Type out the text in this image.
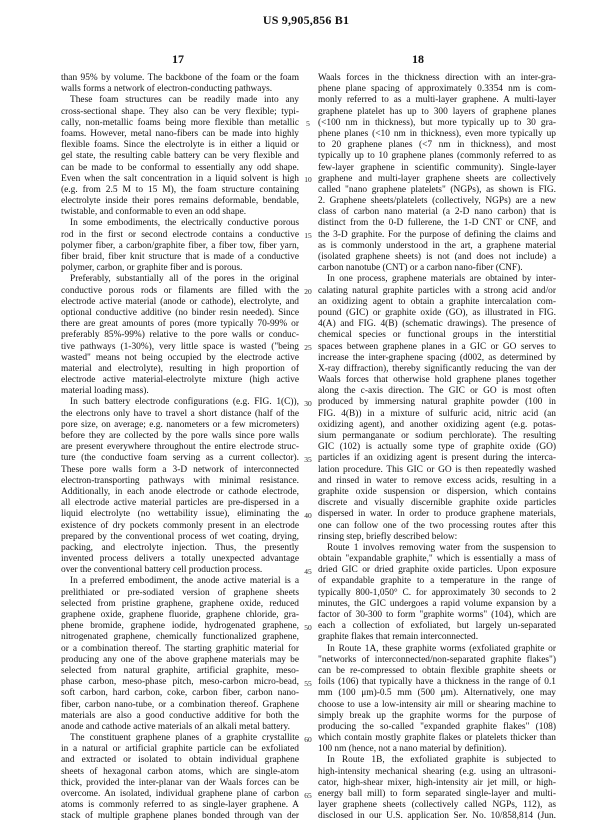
US 9,905,856 B1
17	18
than 95% by volume. The backbone of the foam or the foam
walls forms a network of electron-conducting pathways.
These foam structures can be readily made into any
cross-sectional shape. They also can be very flexible; typi-
cally, non-metallic foams being more flexible than metallic
foams. However, metal nano-fibers can be made into highly
flexible foams. Since the electrolyte is in either a liquid or
gel state, the resulting cable battery can be very flexible and
can be made to be conformal to essentially any odd shape.
Even when the salt concentration in a liquid solvent is high
(e.g. from 2.5 M to 15 M), the foam structure containing
electrolyte inside their pores remains deformable, bendable,
twistable, and conformable to even an odd shape.
In some embodiments, the electrically conductive porous
rod in the first or second electrode contains a conductive
polymer fiber, a carbon/graphite fiber, a fiber tow, fiber yarn,
fiber braid, fiber knit structure that is made of a conductive
polymer, carbon, or graphite fiber and is porous.
Preferably, substantially all of the pores in the original
conductive porous rods or filaments are filled with the
electrode active material (anode or cathode), electrolyte, and
optional conductive additive (no binder resin needed). Since
there are great amounts of pores (more typically 70-99% or
preferably 85%-99%) relative to the pore walls or conduc-
tive pathways (1-30%), very little space is wasted ("being
wasted" means not being occupied by the electrode active
material and electrolyte), resulting in high proportion of
electrode active material-electrolyte mixture (high active
material loading mass).
In such battery electrode configurations (e.g. FIG. 1(C)),
the electrons only have to travel a short distance (half of the
pore size, on average; e.g. nanometers or a few micrometers)
before they are collected by the pore walls since pore walls
are present everywhere throughout the entire electrode struc-
ture (the conductive foam serving as a current collector).
These pore walls form a 3-D network of interconnected
electron-transporting pathways with minimal resistance.
Additionally, in each anode electrode or cathode electrode,
all electrode active material particles are pre-dispersed in a
liquid electrolyte (no wettability issue), eliminating the
existence of dry pockets commonly present in an electrode
prepared by the conventional process of wet coating, drying,
packing, and electrolyte injection. Thus, the presently
invented process delivers a totally unexpected advantage
over the conventional battery cell production process.
In a preferred embodiment, the anode active material is a
prelithiated or pre-sodiated version of graphene sheets
selected from pristine graphene, graphene oxide, reduced
graphene oxide, graphene fluoride, graphene chloride, gra-
phene bromide, graphene iodide, hydrogenated graphene,
nitrogenated graphene, chemically functionalized graphene,
or a combination thereof. The starting graphitic material for
producing any one of the above graphene materials may be
selected from natural graphite, artificial graphite, meso-
phase carbon, meso-phase pitch, meso-carbon micro-bead,
soft carbon, hard carbon, coke, carbon fiber, carbon nano-
fiber, carbon nano-tube, or a combination thereof. Graphene
materials are also a good conductive additive for both the
anode and cathode active materials of an alkali metal battery.
The constituent graphene planes of a graphite crystallite
in a natural or artificial graphite particle can be exfoliated
and extracted or isolated to obtain individual graphene
sheets of hexagonal carbon atoms, which are single-atom
thick, provided the inter-planar van der Waals forces can be
overcome. An isolated, individual graphene plane of carbon
atoms is commonly referred to as single-layer graphene. A
stack of multiple graphene planes bonded through van der
5
10
15
20
25
30
35
40
45
50
55
60
65
Waals forces in the thickness direction with an inter-gra-
phene plane spacing of approximately 0.3354 nm is com-
monly referred to as a multi-layer graphene. A multi-layer
graphene platelet has up to 300 layers of graphene planes
(<100 nm in thickness), but more typically up to 30 gra-
phene planes (<10 nm in thickness), even more typically up
to 20 graphene planes (<7 nm in thickness), and most
typically up to 10 graphene planes (commonly referred to as
few-layer graphene in scientific community). Single-layer
graphene and multi-layer graphene sheets are collectively
called "nano graphene platelets" (NGPs), as shown is FIG.
2. Graphene sheets/platelets (collectively, NGPs) are a new
class of carbon nano material (a 2-D nano carbon) that is
distinct from the 0-D fullerene, the 1-D CNT or CNF, and
the 3-D graphite. For the purpose of defining the claims and
as is commonly understood in the art, a graphene material
(isolated graphene sheets) is not (and does not include) a
carbon nanotube (CNT) or a carbon nano-fiber (CNF).
In one process, graphene materials are obtained by inter-
calating natural graphite particles with a strong acid and/or
an oxidizing agent to obtain a graphite intercalation com-
pound (GIC) or graphite oxide (GO), as illustrated in FIG.
4(A) and FIG. 4(B) (schematic drawings). The presence of
chemical species or functional groups in the interstitial
spaces between graphene planes in a GIC or GO serves to
increase the inter-graphene spacing (d002, as determined by
X-ray diffraction), thereby significantly reducing the van der
Waals forces that otherwise hold graphene planes together
along the c-axis direction. The GIC or GO is most often
produced by immersing natural graphite powder (100 in
FIG. 4(B)) in a mixture of sulfuric acid, nitric acid (an
oxidizing agent), and another oxidizing agent (e.g. potas-
sium permanganate or sodium perchlorate). The resulting
GIC (102) is actually some type of graphite oxide (GO)
particles if an oxidizing agent is present during the interca-
lation procedure. This GIC or GO is then repeatedly washed
and rinsed in water to remove excess acids, resulting in a
graphite oxide suspension or dispersion, which contains
discrete and visually discernible graphite oxide particles
dispersed in water. In order to produce graphene materials,
one can follow one of the two processing routes after this
rinsing step, briefly described below:
Route 1 involves removing water from the suspension to
obtain "expandable graphite," which is essentially a mass of
dried GIC or dried graphite oxide particles. Upon exposure
of expandable graphite to a temperature in the range of
typically 800-1,050° C. for approximately 30 seconds to 2
minutes, the GIC undergoes a rapid volume expansion by a
factor of 30-300 to form "graphite worms" (104), which are
each a collection of exfoliated, but largely un-separated
graphite flakes that remain interconnected.
In Route 1A, these graphite worms (exfoliated graphite or
"networks of interconnected/non-separated graphite flakes")
can be re-compressed to obtain flexible graphite sheets or
foils (106) that typically have a thickness in the range of 0.1
mm (100 μm)-0.5 mm (500 μm). Alternatively, one may
choose to use a low-intensity air mill or shearing machine to
simply break up the graphite worms for the purpose of
producing the so-called "expanded graphite flakes" (108)
which contain mostly graphite flakes or platelets thicker than
100 nm (hence, not a nano material by definition).
In Route 1B, the exfoliated graphite is subjected to
high-intensity mechanical shearing (e.g. using an ultrasoni-
cator, high-shear mixer, high-intensity air jet mill, or high-
energy ball mill) to form separated single-layer and multi-
layer graphene sheets (collectively called NGPs, 112), as
disclosed in our U.S. application Ser. No. 10/858,814 (Jun.
